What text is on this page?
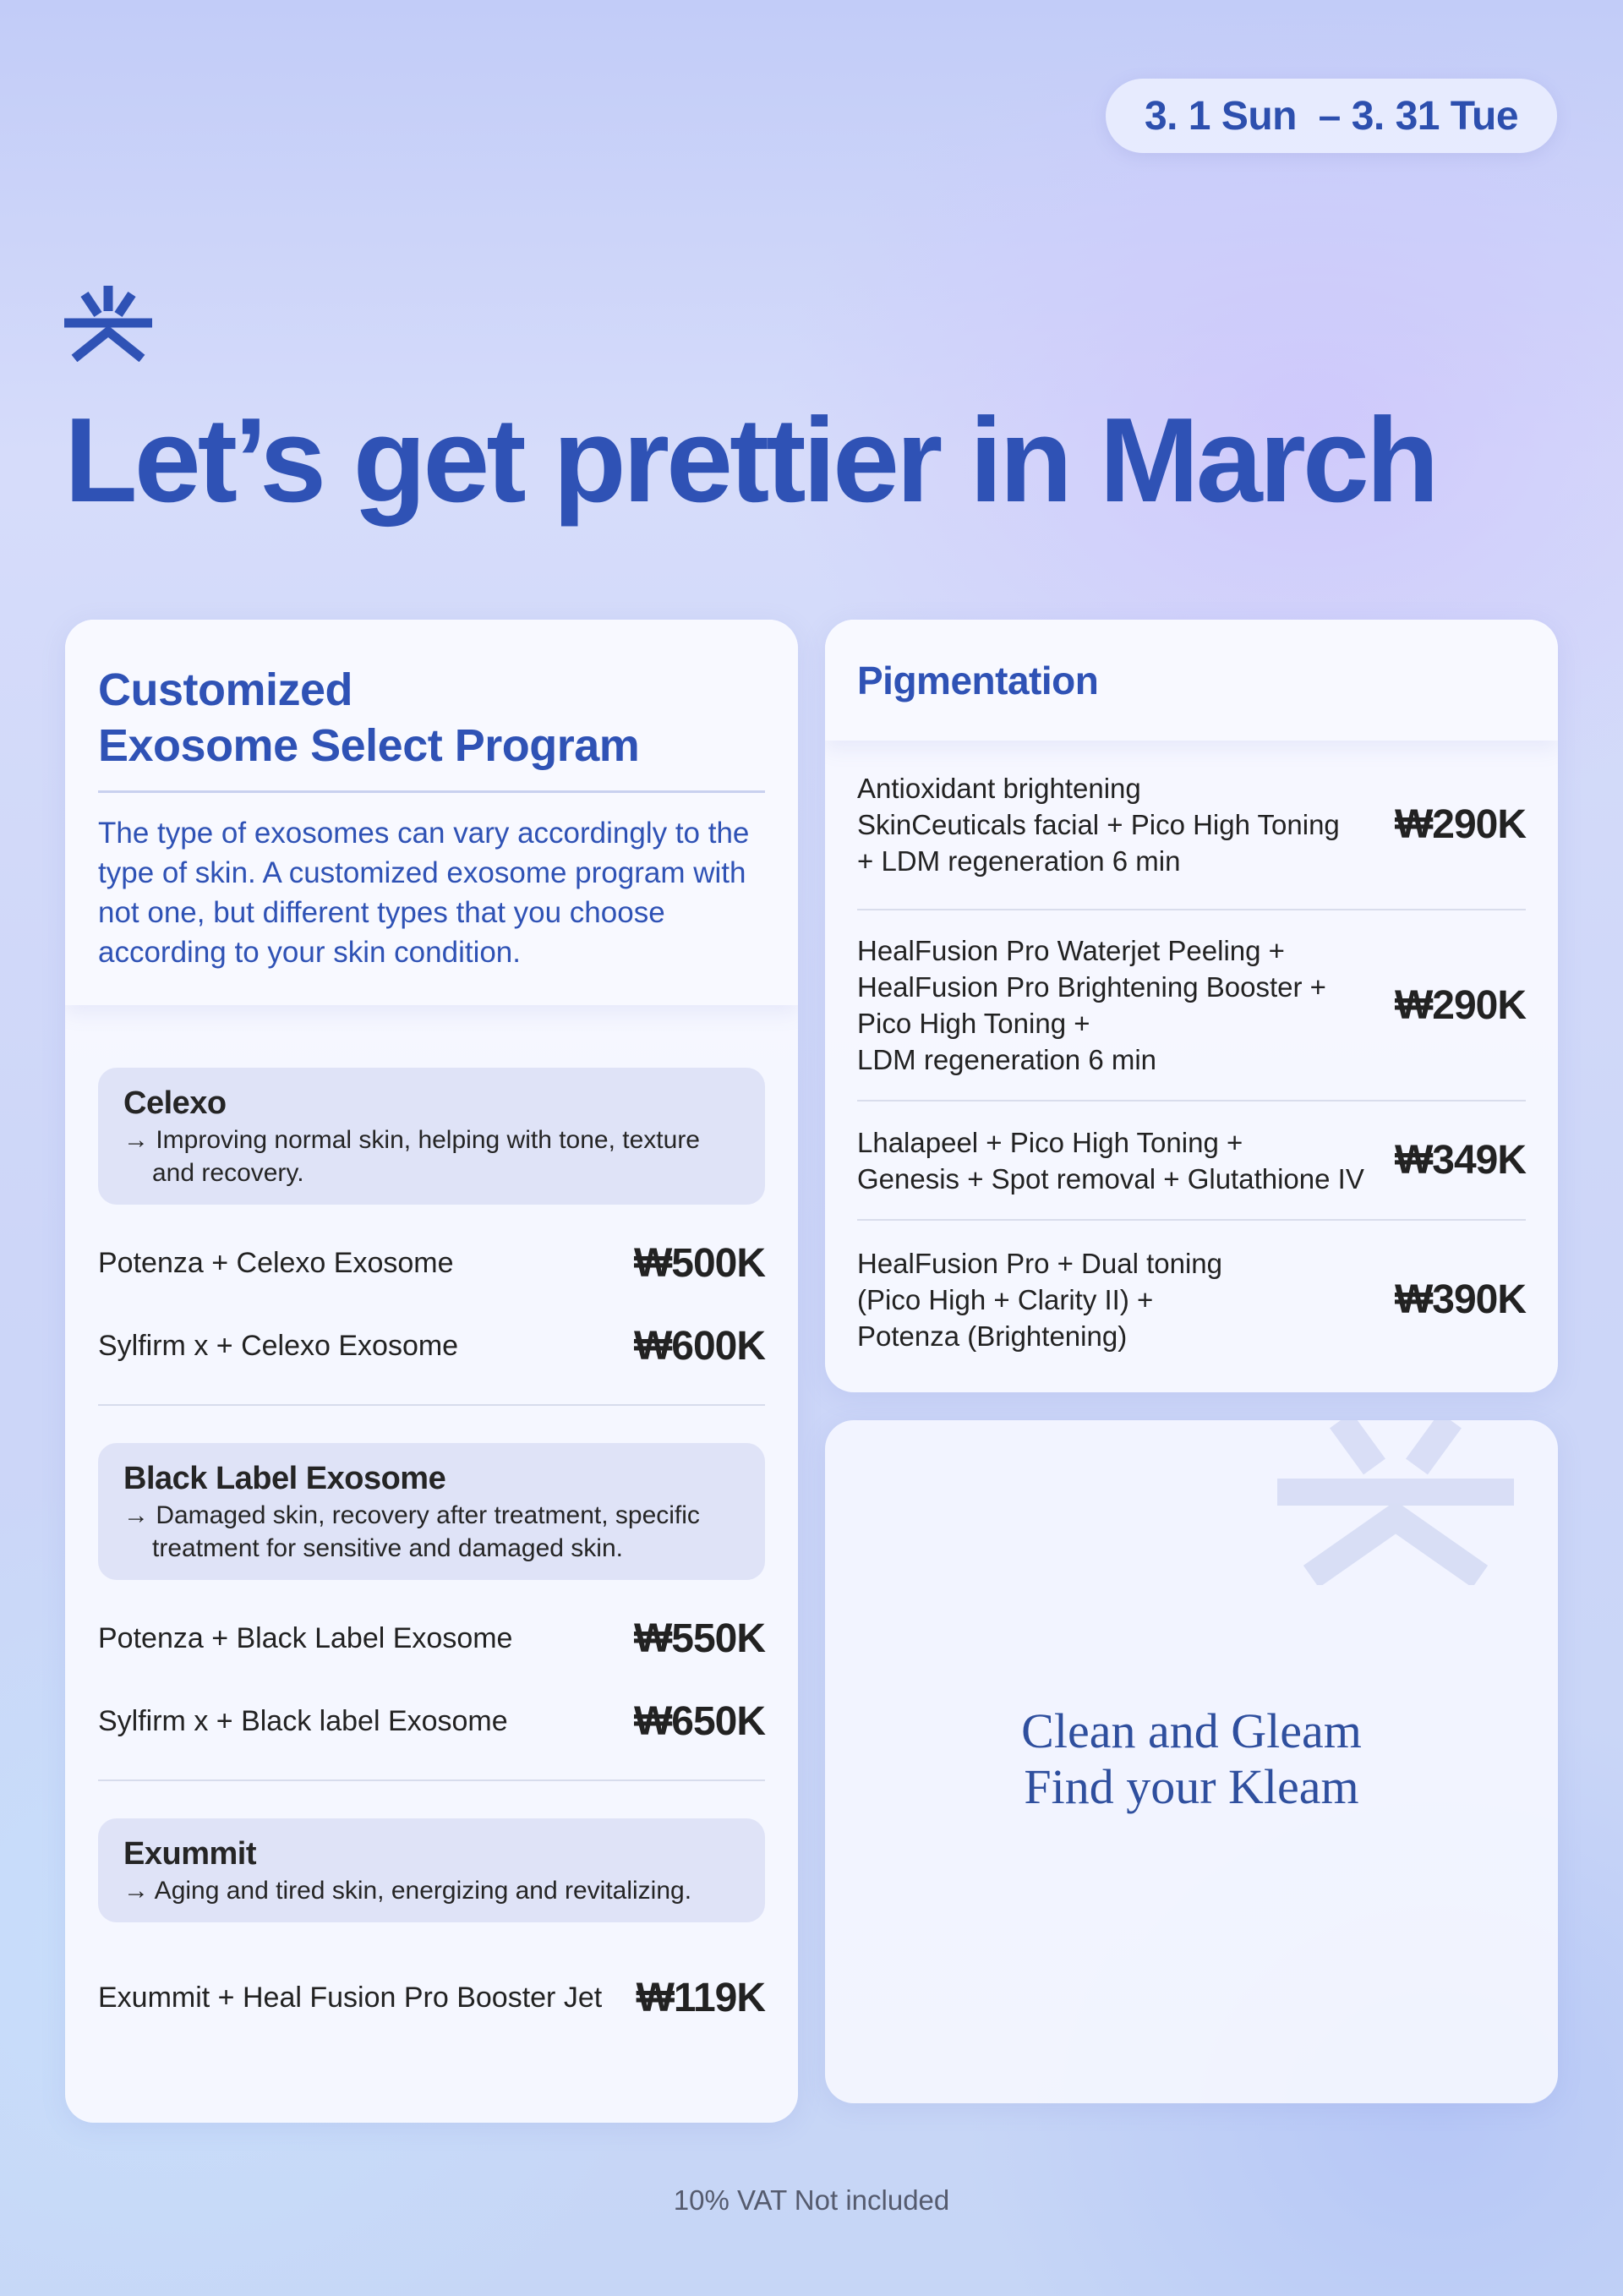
3. 1 Sun  – 3. 31 Tue
Let’s get prettier in March
Customized
Exosome Select Program
The type of exosomes can vary accordingly to the type of skin. A customized exosome program with not one, but different types that you choose according to your skin condition.
Celexo
→ Improving normal skin, helping with tone, texture and recovery.
Potenza + Celexo Exosome	₩500K
Sylfirm x + Celexo Exosome	₩600K
Black Label Exosome
→ Damaged skin, recovery after treatment, specific treatment for sensitive and damaged skin.
Potenza + Black Label Exosome	₩550K
Sylfirm x + Black label Exosome	₩650K
Exummit
→ Aging and tired skin, energizing and revitalizing.
Exummit + Heal Fusion Pro Booster Jet ₩119K
Pigmentation
Antioxidant brightening
SkinCeuticals facial + Pico High Toning
+ LDM regeneration 6 min
₩290K
HealFusion Pro Waterjet Peeling +
HealFusion Pro Brightening Booster +
Pico High Toning +
LDM regeneration 6 min
₩290K
Lhalapeel + Pico High Toning +
Genesis + Spot removal + Glutathione IV ₩349K
HealFusion Pro + Dual toning
(Pico High + Clarity II) +
Potenza (Brightening)
₩390K
Clean and Gleam
Find your Kleam
10% VAT Not included
